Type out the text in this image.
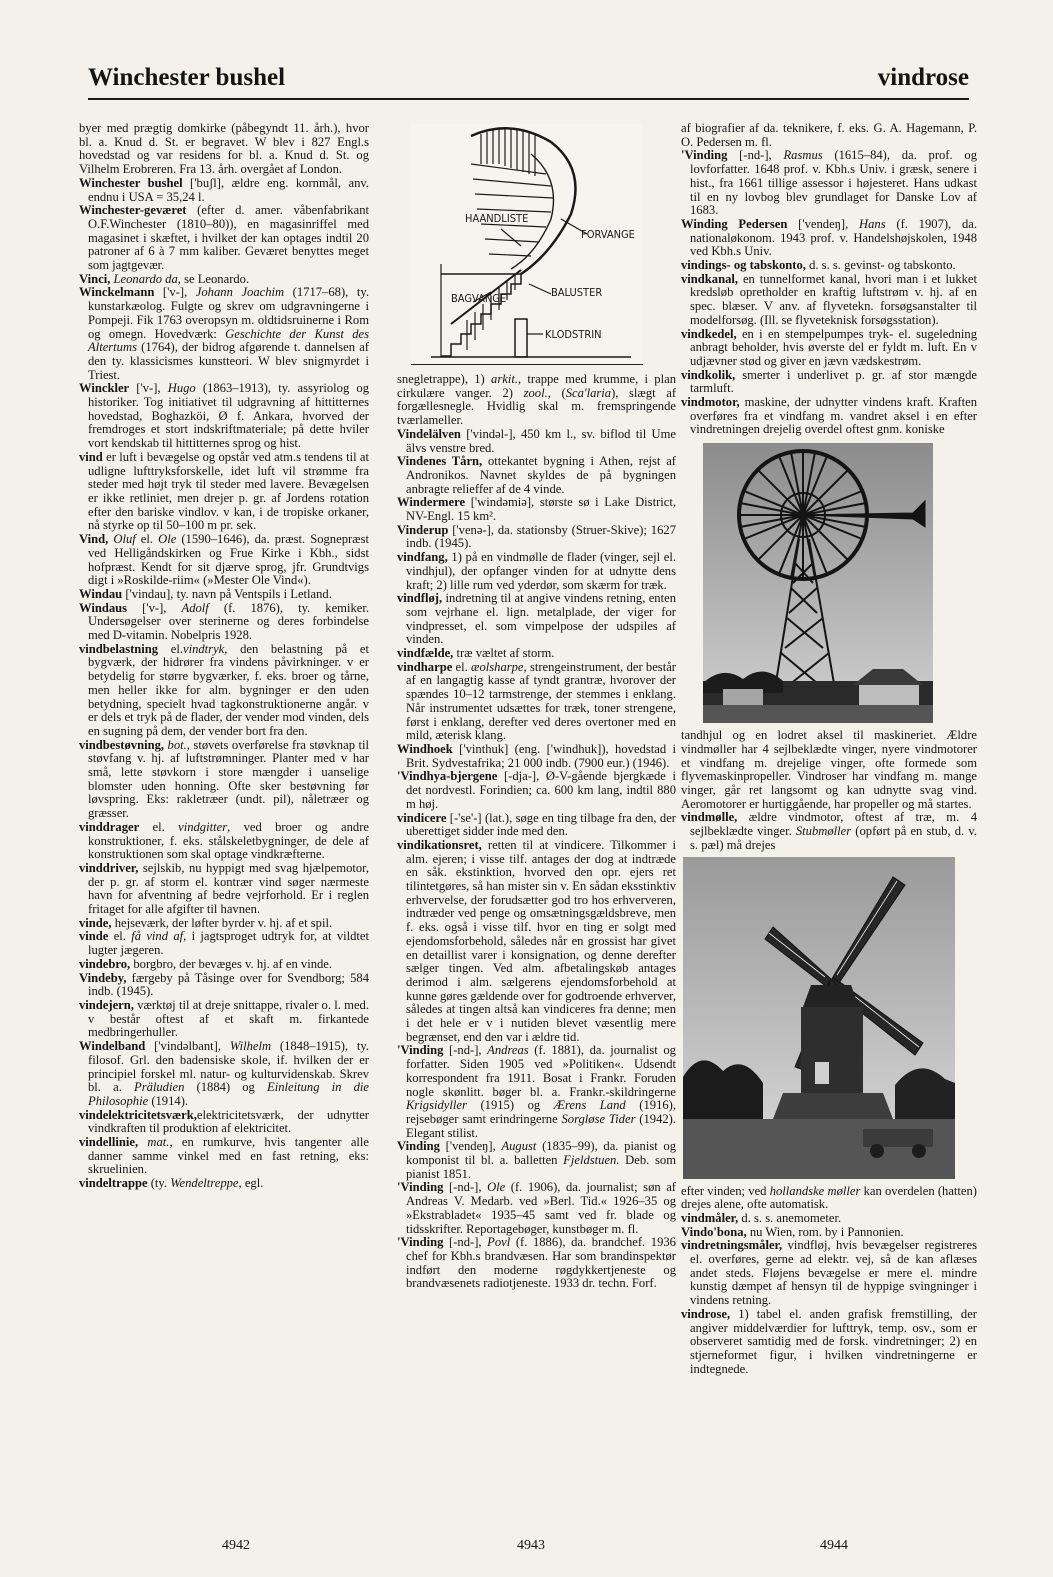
Winchester bushel	vindrose

byer med prægtig domkirke (påbegyndt 11. årh.), hvor bl. a. Knud d. St. er begravet. W blev i 827 Engl.s hovedstad og var residens for bl. a. Knud d. St. og Vilhelm Erobreren. Fra 13. årh. overgået af London.

Winchester bushel ['buʃl], ældre eng. kornmål, anv. endnu i USA = 35,24 l.

Winchester-geværet (efter d. amer. våbenfabrikant O.F.Winchester (1810–80)), en magasinriffel med magasinet i skæftet, i hvilket der kan optages indtil 20 patroner af 6 à 7 mm kaliber. Geværet benyttes meget som jagtgevær.

Vinci, Leonardo da, se Leonardo.

Winckelmann ['v-], Johann Joachim (1717–68), ty. kunstarkæolog. Fulgte og skrev om udgravningerne i Pompeji. Fik 1763 overopsyn m. oldtidsruinerne i Rom og omegn. Hovedværk: Geschichte der Kunst des Altertums (1764), der bidrog afgørende t. dannelsen af den ty. klassicismes kunstteori. W blev snigmyrdet i Triest.

Winckler ['v-], Hugo (1863–1913), ty. assyriolog og historiker. Tog initiativet til udgravning af hittitternes hovedstad, Boghazköi, Ø f. Ankara, hvorved der fremdroges et stort indskriftmateriale; på dette hviler vort kendskab til hittitternes sprog og hist.

vind er luft i bevægelse og opstår ved atm.s tendens til at udligne lufttryksforskelle, idet luft vil strømme fra steder med højt tryk til steder med lavere. Bevægelsen er ikke retliniet, men drejer p. gr. af Jordens rotation efter den bariske vindlov. v kan, i de tropiske orkaner, nå styrke op til 50–100 m pr. sek.

Vind, Oluf el. Ole (1590–1646), da. præst. Sognepræst ved Helligåndskirken og Frue Kirke i Kbh., sidst hofpræst. Kendt for sit djærve sprog, jfr. Grundtvigs digt i »Roskilde-riim« (»Mester Ole Vind«).

Windau ['vindau], ty. navn på Ventspils i Letland.

Windaus ['v-], Adolf (f. 1876), ty. kemiker. Undersøgelser over sterinerne og deres forbindelse med D-vitamin. Nobelpris 1928.

vindbelastning el.vindtryk, den belastning på et bygværk, der hidrører fra vindens påvirkninger. v er betydelig for større bygværker, f. eks. broer og tårne, men heller ikke for alm. bygninger er den uden betydning, specielt hvad tagkonstruktionerne angår. v er dels et tryk på de flader, der vender mod vinden, dels en sugning på dem, der vender bort fra den.

vindbestøvning, bot., støvets overførelse fra støvknap til støvfang v. hj. af luftstrømninger. Planter med v har små, lette støvkorn i store mængder i uanselige blomster uden honning. Ofte sker bestøvning før løvspring. Eks: rakletræer (undt. pil), nåletræer og græsser.

vinddrager el. vindgitter, ved broer og andre konstruktioner, f. eks. stålskeletbygninger, de dele af konstruktionen som skal optage vindkræfterne.

vinddriver, sejlskib, nu hyppigt med svag hjælpemotor, der p. gr. af storm el. kontrær vind søger nærmeste havn for afventning af bedre vejrforhold. Er i reglen fritaget for alle afgifter til havnen.

vinde, hejseværk, der løfter byrder v. hj. af et spil.

vinde el. få vind af, i jagtsproget udtryk for, at vildtet lugter jægeren.

vindebro, borgbro, der bevæges v. hj. af en vinde.

Vindeby, færgeby på Tåsinge over for Svendborg; 584 indb. (1945).

vindejern, værktøj til at dreje snittappe, rivaler o. l. med. v består oftest af et skaft m. firkantede medbringerhuller.

Windelband ['vindəlbant], Wilhelm (1848–1915), ty. filosof. Grl. den badensiske skole, if. hvilken der er principiel forskel ml. natur- og kulturvidenskab. Skrev bl. a. Präludien (1884) og Einleitung in die Philosophie (1914).

vindelektricitetsværk,elektricitetsværk, der udnytter vindkraften til produktion af elektricitet.

vindellinie, mat., en rumkurve, hvis tangenter alle danner samme vinkel med en fast retning, eks: skruelinien.

vindeltrappe (ty. Wendeltreppe, egl.

HAANDLISTE
FORVANGE
BAGVANGE	BALUSTER
KLODSTRIN

snegletrappe), 1) arkit., trappe med krumme, i plan cirkulære vanger. 2) zool., (Sca'laria), slægt af forgællesnegle. Hvidlig skal m. fremspringende tværlameller.

Vindelälven ['vindəl-], 450 km l., sv. biflod til Ume älvs venstre bred.

Vindenes Tårn, ottekantet bygning i Athen, rejst af Andronikos. Navnet skyldes de på bygningen anbragte relieffer af de 4 vinde.

Windermere ['windəmiə], største sø i Lake District, NV-Engl. 15 km².

Vinderup ['venə-], da. stationsby (Struer-Skive); 1627 indb. (1945).

vindfang, 1) på en vindmølle de flader (vinger, sejl el. vindhjul), der opfanger vinden for at udnytte dens kraft; 2) lille rum ved yderdør, som skærm for træk.

vindfløj, indretning til at angive vindens retning, enten som vejrhane el. lign. metalplade, der viger for vindpresset, el. som vimpelpose der udspiles af vinden.

vindfælde, træ væltet af storm.

vindharpe el. æolsharpe, strengeinstrument, der består af en langagtig kasse af tyndt grantræ, hvorover der spændes 10–12 tarmstrenge, der stemmes i enklang. Når instrumentet udsættes for træk, toner strengene, først i enklang, derefter ved deres overtoner med en mild, æterisk klang.

Windhoek ['vinthuk] (eng. ['windhuk]), hovedstad i Brit. Sydvestafrika; 21 000 indb. (7900 eur.) (1946).

'Vindhya-bjergene [-dja-], Ø-V-gående bjergkæde i det nordvestl. Forindien; ca. 600 km lang, indtil 880 m høj.

vindicere [-'se'-] (lat.), søge en ting tilbage fra den, der uberettiget sidder inde med den.

vindikationsret, retten til at vindicere. Tilkommer i alm. ejeren; i visse tilf. antages der dog at indtræde en såk. ekstinktion, hvorved den opr. ejers ret tilintetgøres, så han mister sin v. En sådan eksstinktiv erhvervelse, der forudsætter god tro hos erhververen, indtræder ved penge og omsætningsgældsbreve, men f. eks. også i visse tilf. hvor en ting er solgt med ejendomsforbehold, således når en grossist har givet en detaillist varer i konsignation, og denne derefter sælger tingen. Ved alm. afbetalingskøb antages derimod i alm. sælgerens ejendomsforbehold at kunne gøres gældende over for godtroende erhverver, således at tingen altså kan vindiceres fra denne; men i det hele er v i nutiden blevet væsentlig mere begrænset, end den var i ældre tid.

'Vinding [-nd-], Andreas (f. 1881), da. journalist og forfatter. Siden 1905 ved »Politiken«. Udsendt korrespondent fra 1911. Bosat i Frankr. Foruden nogle skønlitt. bøger bl. a. Frankr.-skildringerne Krigsidyller (1915) og Ærens Land (1916), rejsebøger samt erindringerne Sorgløse Tider (1942). Elegant stilist.

Vinding ['vendeŋ], August (1835–99), da. pianist og komponist til bl. a. balletten Fjeldstuen. Deb. som pianist 1851.

'Vinding [-nd-], Ole (f. 1906), da. journalist; søn af Andreas V. Medarb. ved »Berl. Tid.« 1926–35 og »Ekstrabladet« 1935–45 samt ved fr. blade og tidsskrifter. Reportagebøger, kunstbøger m. fl.

'Vinding [-nd-], Povl (f. 1886), da. brandchef. 1936 chef for Kbh.s brandvæsen. Har som brandinspektør indført den moderne røgdykkertjeneste og brandvæsenets radiotjeneste. 1933 dr. techn. Forf.

af biografier af da. teknikere, f. eks. G. A. Hagemann, P. O. Pedersen m. fl.

'Vinding [-nd-], Rasmus (1615–84), da. prof. og lovforfatter. 1648 prof. v. Kbh.s Univ. i græsk, senere i hist., fra 1661 tillige assessor i højesteret. Hans udkast til en ny lovbog blev grundlaget for Danske Lov af 1683.

Winding Pedersen ['vendeŋ], Hans (f. 1907), da. nationaløkonom. 1943 prof. v. Handelshøjskolen, 1948 ved Kbh.s Univ.

vindings- og tabskonto, d. s. s. gevinst- og tabskonto.

vindkanal, en tunnelformet kanal, hvori man i et lukket kredsløb opretholder en kraftig luftstrøm v. hj. af en spec. blæser. V anv. af flyvetekn. forsøgsanstalter til modelforsøg. (Ill. se flyveteknisk forsøgsstation).

vindkedel, en i en stempelpumpes tryk- el. sugeledning anbragt beholder, hvis øverste del er fyldt m. luft. En v udjævner stød og giver en jævn vædskestrøm.

vindkolik, smerter i underlivet p. gr. af stor mængde tarmluft.

vindmotor, maskine, der udnytter vindens kraft. Kraften overføres fra et vindfang m. vandret aksel i en efter vindretningen drejelig overdel oftest gnm. koniske

tandhjul og en lodret aksel til maskineriet. Ældre vindmøller har 4 sejlbeklædte vinger, nyere vindmotorer et vindfang m. drejelige vinger, ofte formede som flyvemaskinpropeller. Vindroser har vindfang m. mange vinger, går ret langsomt og kan udnytte svag vind. Aeromotorer er hurtiggående, har propeller og må startes.

vindmølle, ældre vindmotor, oftest af træ, m. 4 sejlbeklædte vinger. Stubmøller (opført på en stub, d. v. s. pæl) må drejes

efter vinden; ved hollandske møller kan overdelen (hatten) drejes alene, ofte automatisk.

vindmåler, d. s. s. anemometer.

Vindo'bona, nu Wien, rom. by i Pannonien.

vindretningsmåler, vindfløj, hvis bevægelser registreres el. overføres, gerne ad elektr. vej, så de kan aflæses andet steds. Fløjens bevægelse er mere el. mindre kunstig dæmpet af hensyn til de hyppige svingninger i vindens retning.

vindrose, 1) tabel el. anden grafisk fremstilling, der angiver middelværdier for lufttryk, temp. osv., som er observeret samtidig med de forsk. vindretninger; 2) en stjerneformet figur, i hvilken vindretningerne er indtegnede.

4942	4943	4944
